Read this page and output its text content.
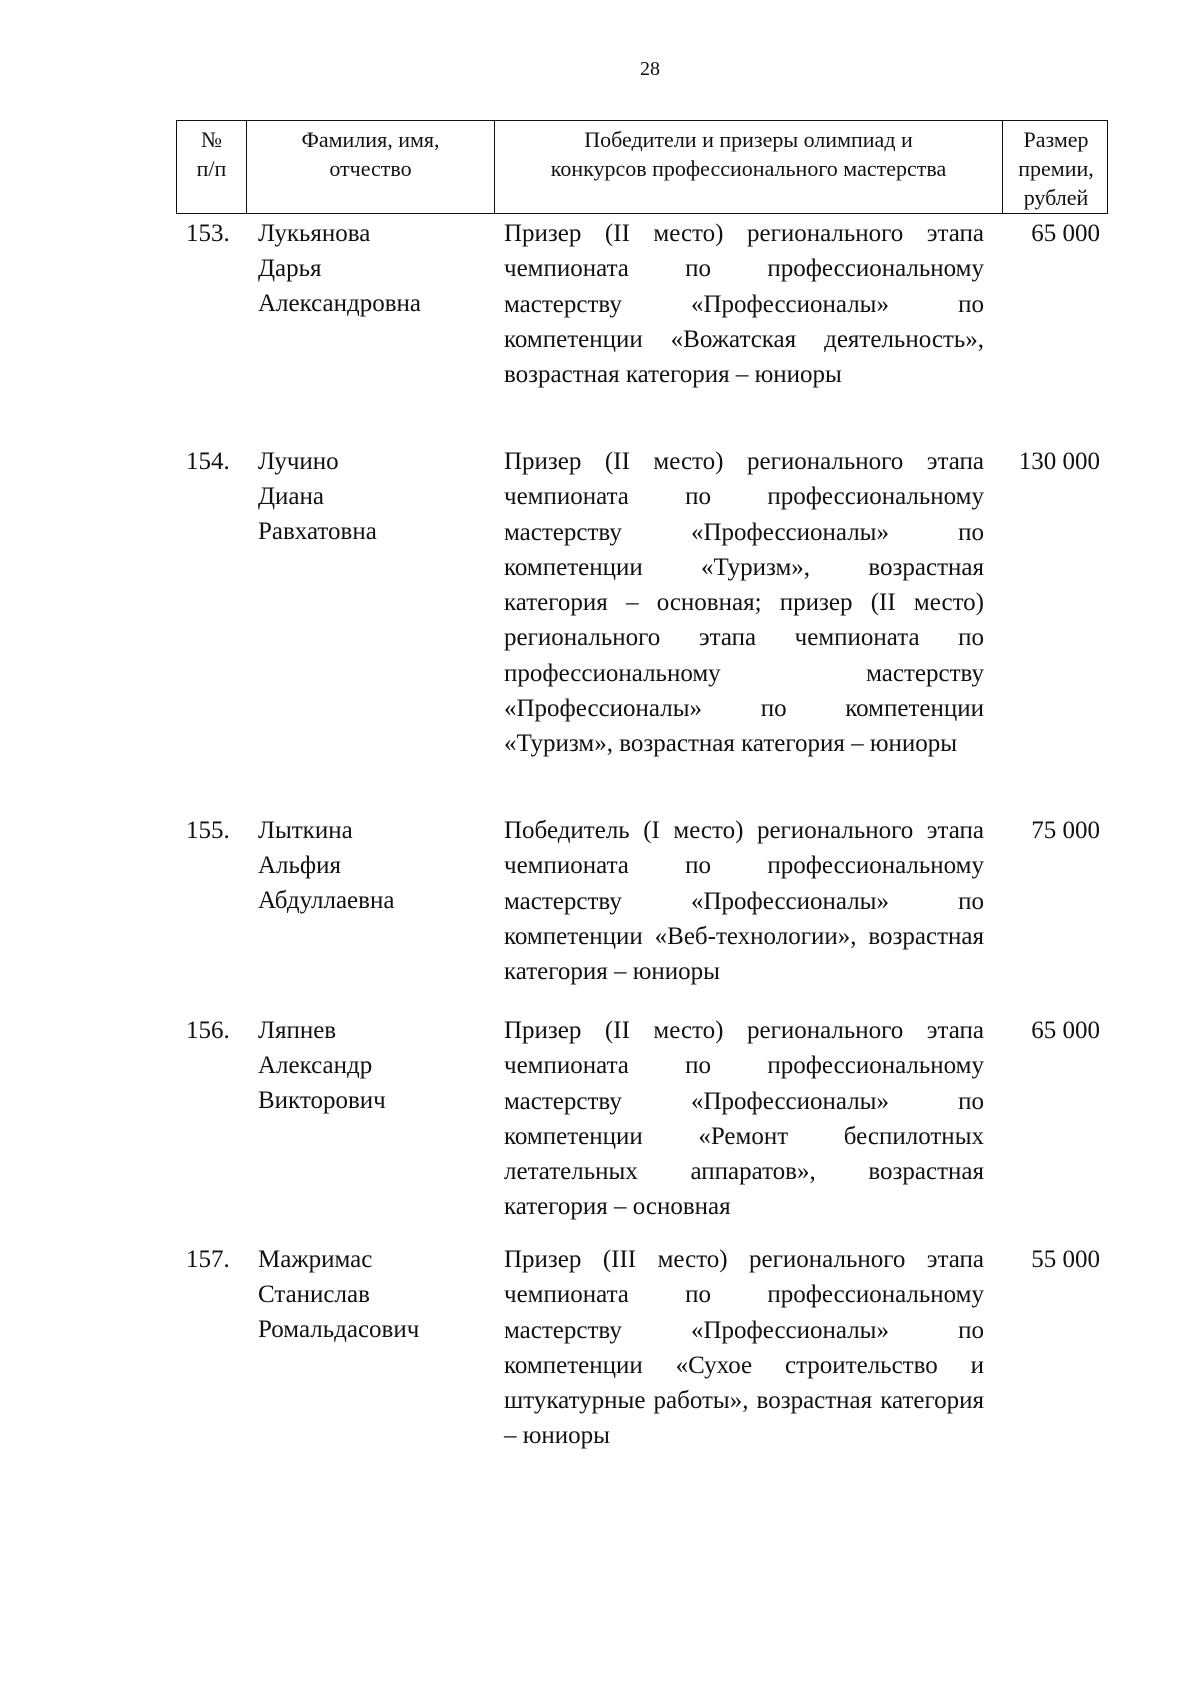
28
№
п/п
Фамилия, имя,
отчество
Победители и призеры олимпиад и
конкурсов профессионального мастерства
Размер
премии,
рублей
153. Лукьянова
Дарья
Александровна
Призер (II место) регионального этапа чемпионата по профессиональному мастерству «Профессионалы» по компетенции «Вожатская деятельность», возрастная категория – юниоры
65 000
154. Лучино
Диана
Равхатовна
Призер (II место) регионального этапа чемпионата по профессиональному мастерству «Профессионалы» по компетенции «Туризм», возрастная категория – основная; призер (II место) регионального этапа чемпионата по профессиональному мастерству «Профессионалы» по компетенции «Туризм», возрастная категория – юниоры
130 000
155. Лыткина
Альфия
Абдуллаевна
Победитель (I место) регионального этапа чемпионата по профессиональному мастерству «Профессионалы» по компетенции «Веб-технологии», возрастная категория – юниоры
75 000
156. Ляпнев
Александр
Викторович
Призер (II место) регионального этапа чемпионата по профессиональному мастерству «Профессионалы» по компетенции «Ремонт беспилотных летательных аппаратов», возрастная категория – основная
65 000
157. Мажримас
Станислав
Ромальдасович
Призер (III место) регионального этапа чемпионата по профессиональному мастерству «Профессионалы» по компетенции «Сухое строительство и штукатурные работы», возрастная категория – юниоры
55 000
